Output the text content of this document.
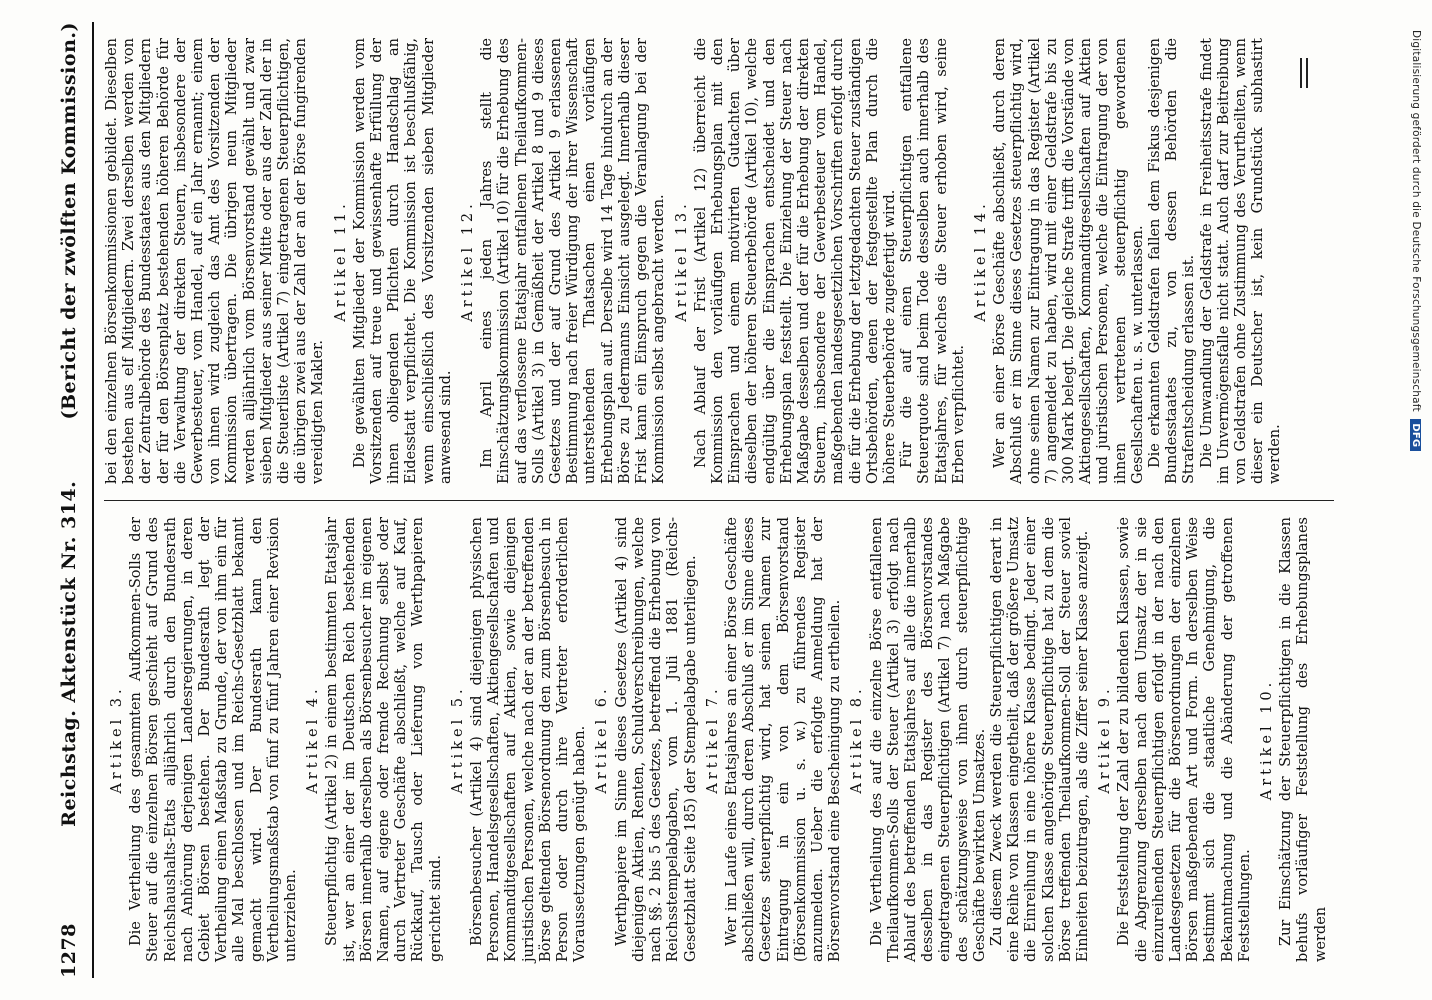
1278
Reichstag. Aktenstück Nr. 314.
(Bericht der zwölften Kommission.)
Artikel 3. Die Vertheilung des gesammten Aufkommen-Solls der Steuer auf die einzelnen Börsen geschieht auf Grund des Reichshaushalts-Etats alljährlich durch den Bundesrath nach Anhörung derjenigen Landesregierungen, in deren Gebiet Börsen bestehen. Der Bundesrath legt der Vertheilung einen Maßstab zu Grunde, der von ihm ein für alle Mal beschlossen und im Reichs-Gesetzblatt bekannt gemacht wird. Der Bundesrath kann den Vertheilungsmaßstab von fünf zu fünf Jahren einer Revision unterziehen.

Artikel 4. Steuerpflichtig (Artikel 2) in einem bestimmten Etatsjahr ist, wer an einer der im Deutschen Reich bestehenden Börsen innerhalb derselben als Börsenbesucher im eigenen Namen, auf eigene oder fremde Rechnung selbst oder durch Vertreter Geschäfte abschließt, welche auf Kauf, Rückkauf, Tausch oder Lieferung von Werthpapieren gerichtet sind.

Artikel 5. Börsenbesucher (Artikel 4) sind diejenigen physischen Personen, Handelsgesellschaften, Aktiengesellschaften und Kommanditgesellschaften auf Aktien, sowie diejenigen juristischen Personen, welche nach der an der betreffenden Börse geltenden Börsenordnung den zum Börsenbesuch in Person oder durch ihre Vertreter erforderlichen Voraussetzungen genügt haben. Artikel 6. Werthpapiere im Sinne dieses Gesetzes (Artikel 4) sind diejenigen Aktien, Renten, Schuldverschreibungen, welche nach §§. 2 bis 5 des Gesetzes, betreffend die Erhebung von Reichsstempelabgaben, vom 1. Juli 1881 (Reichs-Gesetzblatt Seite 185) der Stempelabgabe unterliegen. Artikel 7. Wer im Laufe eines Etatsjahres an einer Börse Geschäfte abschließen will, durch deren Abschluß er im Sinne dieses Gesetzes steuerpflichtig wird, hat seinen Namen zur Eintragung in ein von dem Börsenvorstand (Börsenkommission u. s. w.) zu führendes Register anzumelden. Ueber die erfolgte Anmeldung hat der Börsenvorstand eine Bescheinigung zu ertheilen. Artikel 8. Die Vertheilung des auf die einzelne Börse entfallenen Theilaufkommen-Solls der Steuer (Artikel 3) erfolgt nach Ablauf des betreffenden Etatsjahres auf alle die innerhalb desselben in das Register des Börsenvorstandes eingetragenen Steuerpflichtigen (Artikel 7) nach Maßgabe des schätzungsweise von ihnen durch steuerpflichtige Geschäfte bewirkten Umsatzes. Zu diesem Zweck werden die Steuerpflichtigen derart in eine Reihe von Klassen eingetheilt, daß der größere Umsatz die Einreihung in eine höhere Klasse bedingt. Jeder einer solchen Klasse angehörige Steuerpflichtige hat zu dem die Börse treffenden Theilaufkommen-Soll der Steuer soviel Einheiten beizutragen, als die Ziffer seiner Klasse anzeigt. Artikel 9. Die Feststellung der Zahl der zu bildenden Klassen, sowie die Abgrenzung derselben nach dem Umsatz der in sie einzureihenden Steuerpflichtigen erfolgt in der nach den Landesgesetzen für die Börsenordnungen der einzelnen Börsen maßgebenden Art und Form. In derselben Weise bestimmt sich die staatliche Genehmigung, die Bekanntmachung und die Abänderung der getroffenen Feststellungen.

Artikel 10. Zur Einschätzung der Steuerpflichtigen in die Klassen behufs vorläufiger Feststellung des Erhebungsplanes werden

bei den einzelnen Börsenkommissionen gebildet. Dieselben bestehen aus elf Mitgliedern. Zwei derselben werden von der Zentralbehörde des Bundesstaates aus den Mitgliedern der für den Börsenplatz bestehenden höheren Behörde für die Verwaltung der direkten Steuern, insbesondere der Gewerbesteuer, vom Handel, auf ein Jahr ernannt; einem von ihnen wird zugleich das Amt des Vorsitzenden der Kommission übertragen. Die übrigen neun Mitglieder werden alljährlich vom Börsenvorstand gewählt und zwar sieben Mitglieder aus seiner Mitte oder aus der Zahl der in die Steuerliste (Artikel 7) eingetragenen Steuerpflichtigen, die übrigen zwei aus der Zahl der an der Börse fungirenden vereidigten Makler.

Artikel 11. Die gewählten Mitglieder der Kommission werden vom Vorsitzenden auf treue und gewissenhafte Erfüllung der ihnen obliegenden Pflichten durch Handschlag an Eidesstatt verpflichtet. Die Kommission ist beschlußfähig, wenn einschließlich des Vorsitzenden sieben Mitglieder anwesend sind.

Artikel 12. Im April eines jeden Jahres stellt die Einschätzungskommission (Artikel 10) für die Erhebung des auf das verflossene Etatsjahr entfallenen Theilaufkommen-Solls (Artikel 3) in Gemäßheit der Artikel 8 und 9 dieses Gesetzes und der auf Grund des Artikel 9 erlassenen Bestimmung nach freier Würdigung der ihrer Wissenschaft unterstehenden Thatsachen einen vorläufigen Erhebungsplan auf. Derselbe wird 14 Tage hindurch an der Börse zu Jedermanns Einsicht ausgelegt. Innerhalb dieser Frist kann ein Einspruch gegen die Veranlagung bei der Kommission selbst angebracht werden. Artikel 13. Nach Ablauf der Frist (Artikel 12) überreicht die Kommission den vorläufigen Erhebungsplan mit den Einsprachen und einem motivirten Gutachten über dieselben der höheren Steuerbehörde (Artikel 10), welche endgültig über die Einsprachen entscheidet und den Erhebungsplan feststellt. Die Einziehung der Steuer nach Maßgabe desselben und der für die Erhebung der direkten Steuern, insbesondere der Gewerbesteuer vom Handel, maßgebenden landesgesetzlichen Vorschriften erfolgt durch die für die Erhebung der letztgedachten Steuer zuständigen Ortsbehörden, denen der festgestellte Plan durch die höhere Steuerbehörde zugefertigt wird. Für die auf einen Steuerpflichtigen entfallene Steuerquote sind beim Tode desselben auch innerhalb des Etatsjahres, für welches die Steuer erhoben wird, seine Erben verpflichtet.

Artikel 14. Wer an einer Börse Geschäfte abschließt, durch deren Abschluß er im Sinne dieses Gesetzes steuerpflichtig wird, ohne seinen Namen zur Eintragung in das Register (Artikel 7) angemeldet zu haben, wird mit einer Geldstrafe bis zu 300 Mark belegt. Die gleiche Strafe trifft die Vorstände von Aktiengesellschaften, Kommanditgesellschaften auf Aktien und juristischen Personen, welche die Eintragung der von ihnen vertretenen steuerpflichtig gewordenen Gesellschaften u. s. w. unterlassen. Die erkannten Geldstrafen fallen dem Fiskus desjenigen Bundesstaates zu, von dessen Behörden die Strafentscheidung erlassen ist. Die Umwandlung der Geldstrafe in Freiheitsstrafe findet im Unvermögensfalle nicht statt. Auch darf zur Beitreibung von Geldstrafen ohne Zustimmung des Verurtheilten, wenn dieser ein Deutscher ist, kein Grundstück subhastirt werden.

Digitalisierung gefördert durch die Deutsche Forschungsgemeinschaft DFG
